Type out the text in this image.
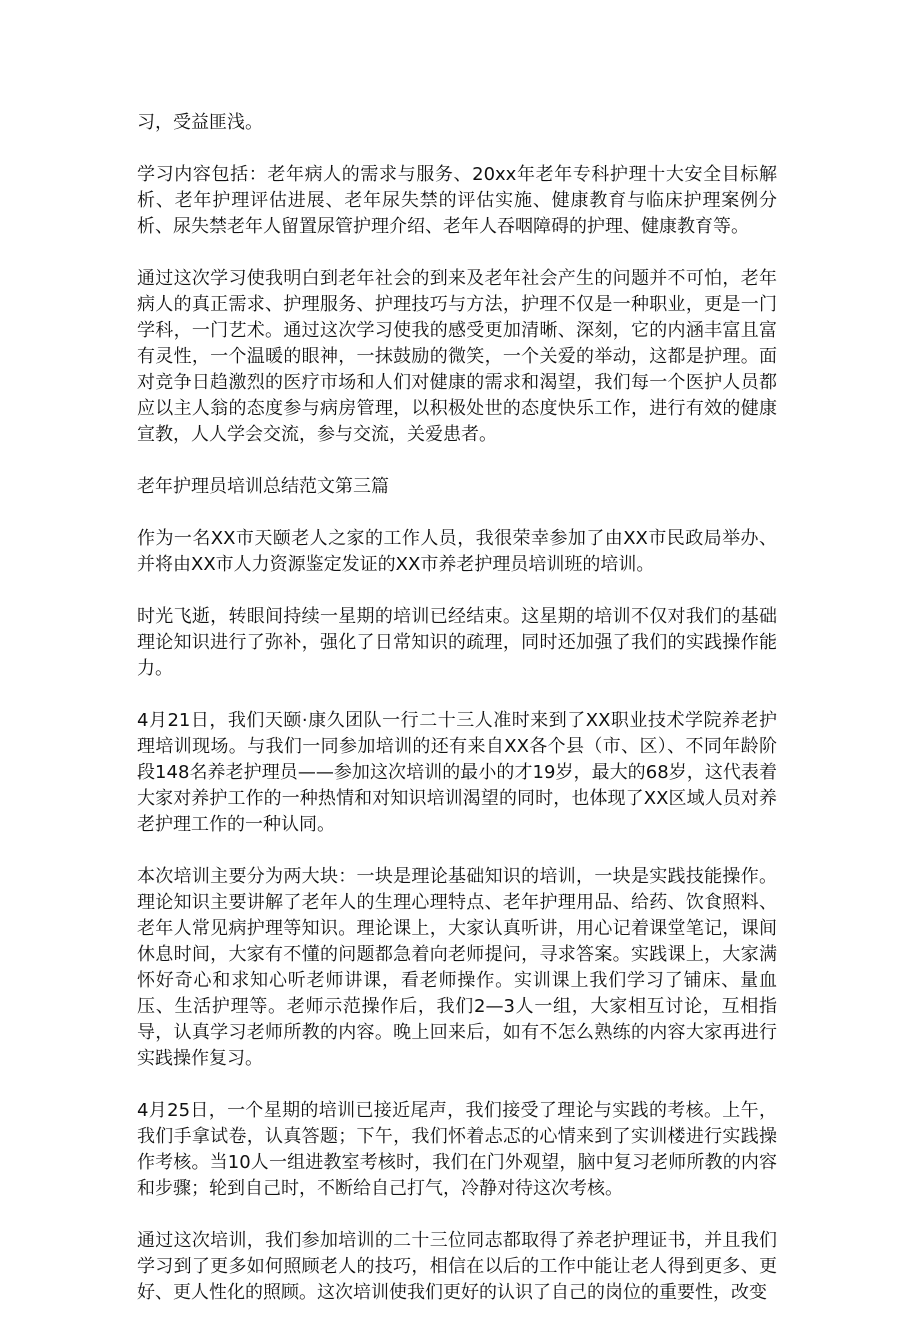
习，受益匪浅。

学习内容包括：老年病人的需求与服务、20xx年老年专科护理十大安全目标解析、老年护理评估进展、老年尿失禁的评估实施、健康教育与临床护理案例分析、尿失禁老年人留置尿管护理介绍、老年人吞咽障碍的护理、健康教育等。

通过这次学习使我明白到老年社会的到来及老年社会产生的问题并不可怕，老年病人的真正需求、护理服务、护理技巧与方法，护理不仅是一种职业，更是一门学科，一门艺术。通过这次学习使我的感受更加清晰、深刻，它的内涵丰富且富有灵性，一个温暖的眼神，一抹鼓励的微笑，一个关爱的举动，这都是护理。面对竞争日趋激烈的医疗市场和人们对健康的需求和渴望，我们每一个医护人员都应以主人翁的态度参与病房管理，以积极处世的态度快乐工作，进行有效的健康宣教，人人学会交流，参与交流，关爱患者。

老年护理员培训总结范文第三篇

作为一名XX市天颐老人之家的工作人员，我很荣幸参加了由XX市民政局举办、并将由XX市人力资源鉴定发证的XX市养老护理员培训班的培训。

时光飞逝，转眼间持续一星期的培训已经结束。这星期的培训不仅对我们的基础理论知识进行了弥补，强化了日常知识的疏理，同时还加强了我们的实践操作能力。

4月21日，我们天颐·康久团队一行二十三人准时来到了XX职业技术学院养老护理培训现场。与我们一同参加培训的还有来自XX各个县（市、区）、不同年龄阶段148名养老护理员——参加这次培训的最小的才19岁，最大的68岁，这代表着大家对养护工作的一种热情和对知识培训渴望的同时，也体现了XX区域人员对养老护理工作的一种认同。

本次培训主要分为两大块：一块是理论基础知识的培训，一块是实践技能操作。理论知识主要讲解了老年人的生理心理特点、老年护理用品、给药、饮食照料、老年人常见病护理等知识。理论课上，大家认真听讲，用心记着课堂笔记，课间休息时间，大家有不懂的问题都急着向老师提问，寻求答案。实践课上，大家满怀好奇心和求知心听老师讲课，看老师操作。实训课上我们学习了铺床、量血压、生活护理等。老师示范操作后，我们2—3人一组，大家相互讨论，互相指导，认真学习老师所教的内容。晚上回来后，如有不怎么熟练的内容大家再进行实践操作复习。

4月25日，一个星期的培训已接近尾声，我们接受了理论与实践的考核。上午，我们手拿试卷，认真答题；下午，我们怀着忐忑的心情来到了实训楼进行实践操作考核。当10人一组进教室考核时，我们在门外观望，脑中复习老师所教的内容和步骤；轮到自己时，不断给自己打气，冷静对待这次考核。

通过这次培训，我们参加培训的二十三位同志都取得了养老护理证书，并且我们学习到了更多如何照顾老人的技巧，相信在以后的工作中能让老人得到更多、更好、更人性化的照顾。这次培训使我们更好的认识了自己的岗位的重要性，改变
